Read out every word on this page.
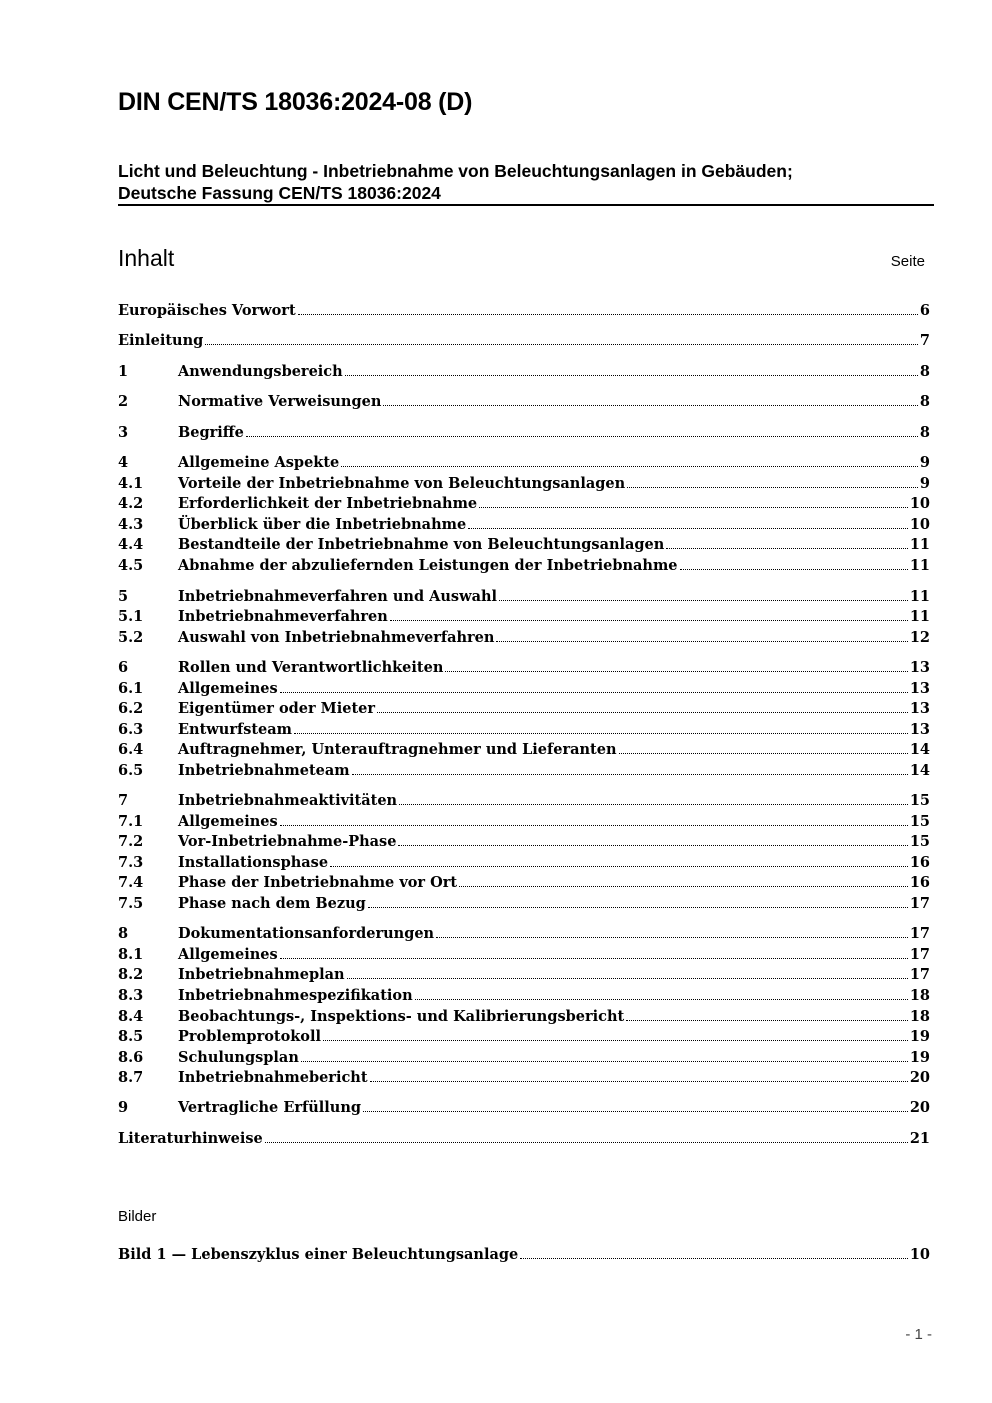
DIN CEN/TS 18036:2024-08 (D)
Licht und Beleuchtung - Inbetriebnahme von Beleuchtungsanlagen in Gebäuden;
Deutsche Fassung CEN/TS 18036:2024
Inhalt	Seite
Europäisches Vorwort	6
Einleitung	7
1	Anwendungsbereich	8
2	Normative Verweisungen	8
3	Begriffe	8
4	Allgemeine Aspekte	9
4.1	Vorteile der Inbetriebnahme von Beleuchtungsanlagen	9
4.2	Erforderlichkeit der Inbetriebnahme	10
4.3	Überblick über die Inbetriebnahme	10
4.4	Bestandteile der Inbetriebnahme von Beleuchtungsanlagen	11
4.5	Abnahme der abzuliefernden Leistungen der Inbetriebnahme	11
5	Inbetriebnahmeverfahren und Auswahl	11
5.1	Inbetriebnahmeverfahren	11
5.2	Auswahl von Inbetriebnahmeverfahren	12
6	Rollen und Verantwortlichkeiten	13
6.1	Allgemeines	13
6.2	Eigentümer oder Mieter	13
6.3	Entwurfsteam	13
6.4	Auftragnehmer, Unterauftragnehmer und Lieferanten	14
6.5	Inbetriebnahmeteam	14
7	Inbetriebnahmeaktivitäten	15
7.1	Allgemeines	15
7.2	Vor-Inbetriebnahme-Phase	15
7.3	Installationsphase	16
7.4	Phase der Inbetriebnahme vor Ort	16
7.5	Phase nach dem Bezug	17
8	Dokumentationsanforderungen	17
8.1	Allgemeines	17
8.2	Inbetriebnahmeplan	17
8.3	Inbetriebnahmespezifikation	18
8.4	Beobachtungs-, Inspektions- und Kalibrierungsbericht	18
8.5	Problemprotokoll	19
8.6	Schulungsplan	19
8.7	Inbetriebnahmebericht	20
9	Vertragliche Erfüllung	20
Literaturhinweise	21
Bilder
Bild 1 — Lebenszyklus einer Beleuchtungsanlage	10
- 1 -
